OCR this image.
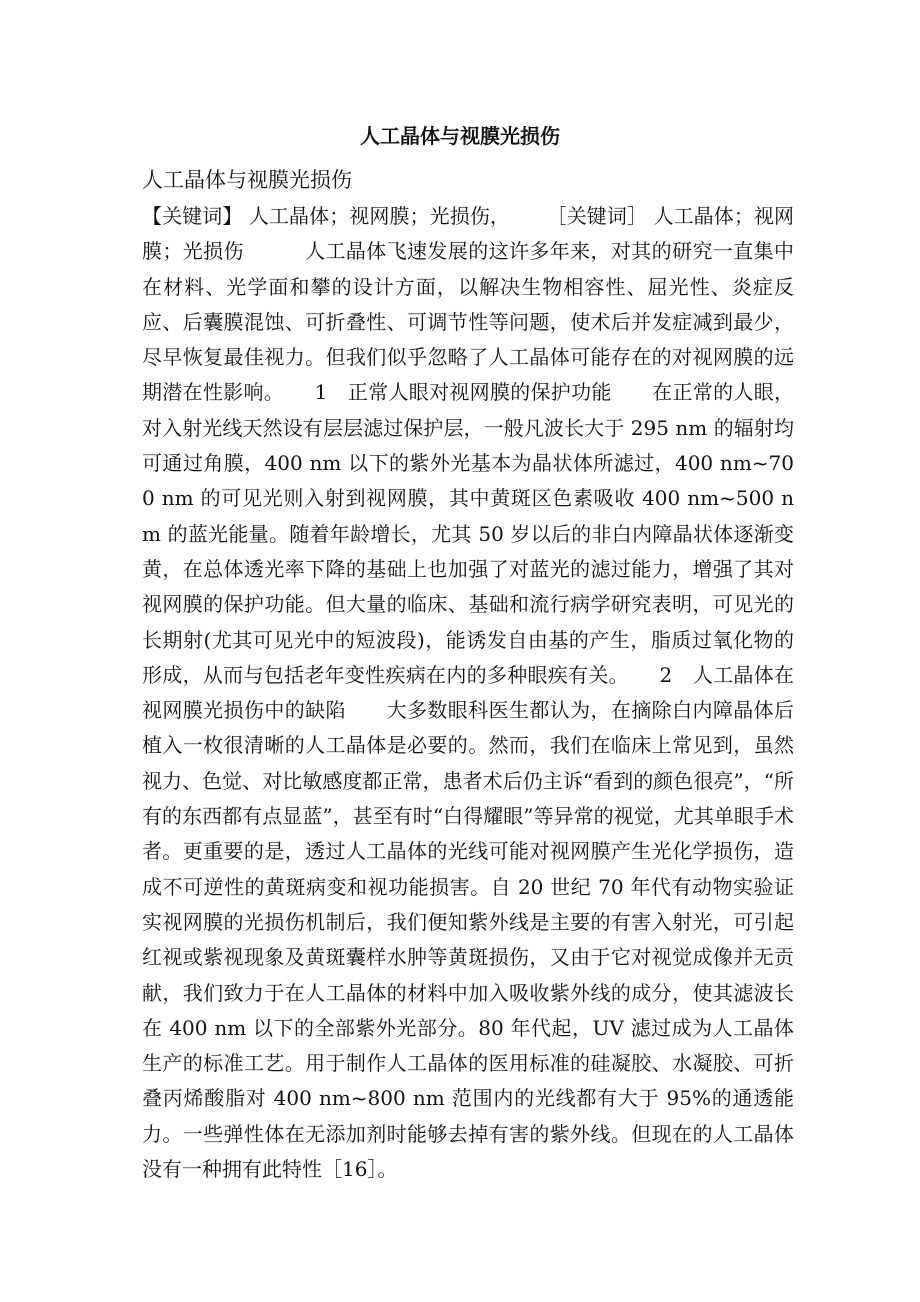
人工晶体与视膜光损伤

人工晶体与视膜光损伤

【关键词】 人工晶体；视网膜；光损伤，　　 ［关键词］ 人工晶体；视网膜；光损伤　　　人工晶体飞速发展的这许多年来，对其的研究一直集中在材料、光学面和攀的设计方面，以解决生物相容性、屈光性、炎症反应、后囊膜混蚀、可折叠性、可调节性等问题，使术后并发症减到最少，尽早恢复最佳视力。但我们似乎忽略了人工晶体可能存在的对视网膜的远期潜在性影响。　　1　正常人眼对视网膜的保护功能　　在正常的人眼，对入射光线天然设有层层滤过保护层，一般凡波长大于 295 nm 的辐射均可通过角膜，400 nm 以下的紫外光基本为晶状体所滤过，400 nm~700 nm 的可见光则入射到视网膜，其中黄斑区色素吸收 400 nm~500 nm 的蓝光能量。随着年龄增长，尤其 50 岁以后的非白内障晶状体逐渐变黄，在总体透光率下降的基础上也加强了对蓝光的滤过能力，增强了其对视网膜的保护功能。但大量的临床、基础和流行病学研究表明，可见光的长期射(尤其可见光中的短波段)，能诱发自由基的产生，脂质过氧化物的形成，从而与包括老年变性疾病在内的多种眼疾有关。　　2　人工晶体在视网膜光损伤中的缺陷　　大多数眼科医生都认为，在摘除白内障晶体后植入一枚很清晰的人工晶体是必要的。然而，我们在临床上常见到，虽然视力、色觉、对比敏感度都正常，患者术后仍主诉“看到的颜色很亮”，“所有的东西都有点显蓝”，甚至有时“白得耀眼”等异常的视觉，尤其单眼手术者。更重要的是，透过人工晶体的光线可能对视网膜产生光化学损伤，造成不可逆性的黄斑病变和视功能损害。自 20 世纪 70 年代有动物实验证实视网膜的光损伤机制后，我们便知紫外线是主要的有害入射光，可引起红视或紫视现象及黄斑囊样水肿等黄斑损伤，又由于它对视觉成像并无贡献，我们致力于在人工晶体的材料中加入吸收紫外线的成分，使其滤波长在 400 nm 以下的全部紫外光部分。80 年代起，UV 滤过成为人工晶体生产的标准工艺。用于制作人工晶体的医用标准的硅凝胶、水凝胶、可折叠丙烯酸脂对 400 nm~800 nm 范围内的光线都有大于 95%的通透能力。一些弹性体在无添加剂时能够去掉有害的紫外线。但现在的人工晶体没有一种拥有此特性［16］。
